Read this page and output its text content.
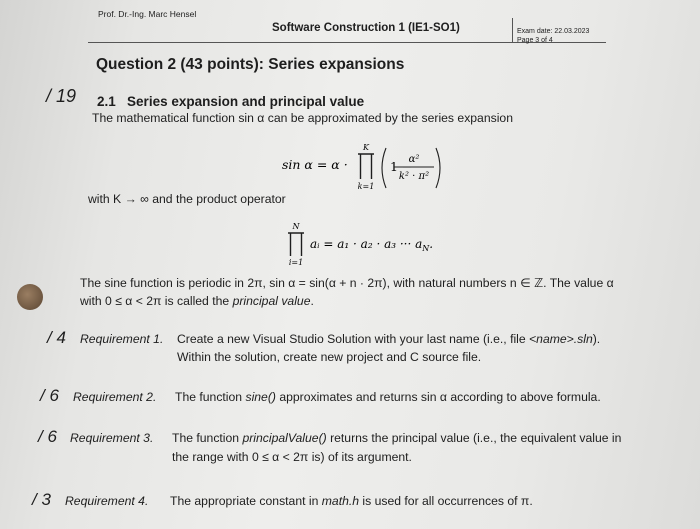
Prof. Dr.-Ing. Marc Hensel
Software Construction 1 (IE1-SO1)	Exam date: 22.03.2023
Page 3 of 4
Question 2 (43 points): Series expansions
/ 19 2.1 Series expansion and principal value
The mathematical function sin α can be approximated by the series expansion
sin α = α ·
K
k=1
1 −
α²
k² · π²
with K → ∞ and the product operator
N
i=1
aᵢ = a₁ · a₂ · a₃ ··· $a_N$.
The sine function is periodic in 2π, sin α = sin(α + n · 2π), with natural numbers n ∈ ℤ. The value α
with 0 ≤ α < 2π is called the principal value.
/ 4 Requirement 1. Create a new Visual Studio Solution with your last name (i.e., file <name>.sln).
Within the solution, create new project and C source file.
/ 6 Requirement 2. The function sine() approximates and returns sin α according to above formula.
/ 6 Requirement 3. The function principalValue() returns the principal value (i.e., the equivalent value in
the range with 0 ≤ α < 2π is) of its argument.
/ 3 Requirement 4. The appropriate constant in math.h is used for all occurrences of π.
